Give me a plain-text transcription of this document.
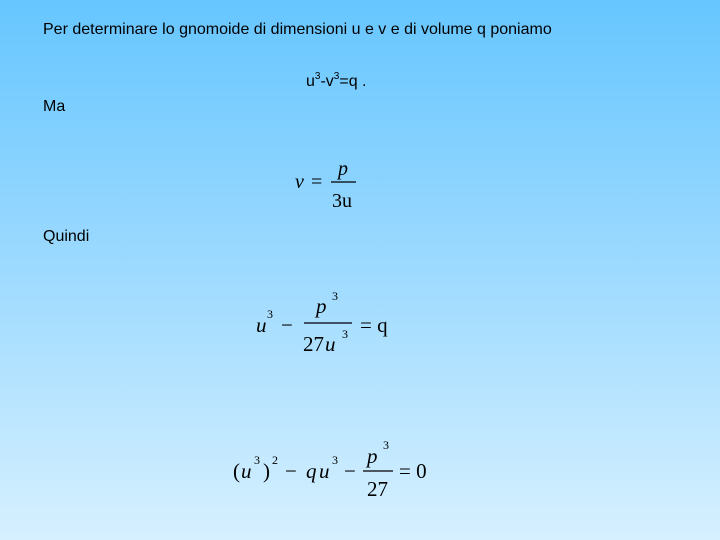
Per determinare lo gnomoide di dimensioni u e v e di volume q poniamo
$u^3-v^3=q$ .
Ma
v =
p
3u
Quindi
u 3 −
p 3
27 u 3 = q
( u 3 ) 2 − q u 3 −
p 3
27
= 0
